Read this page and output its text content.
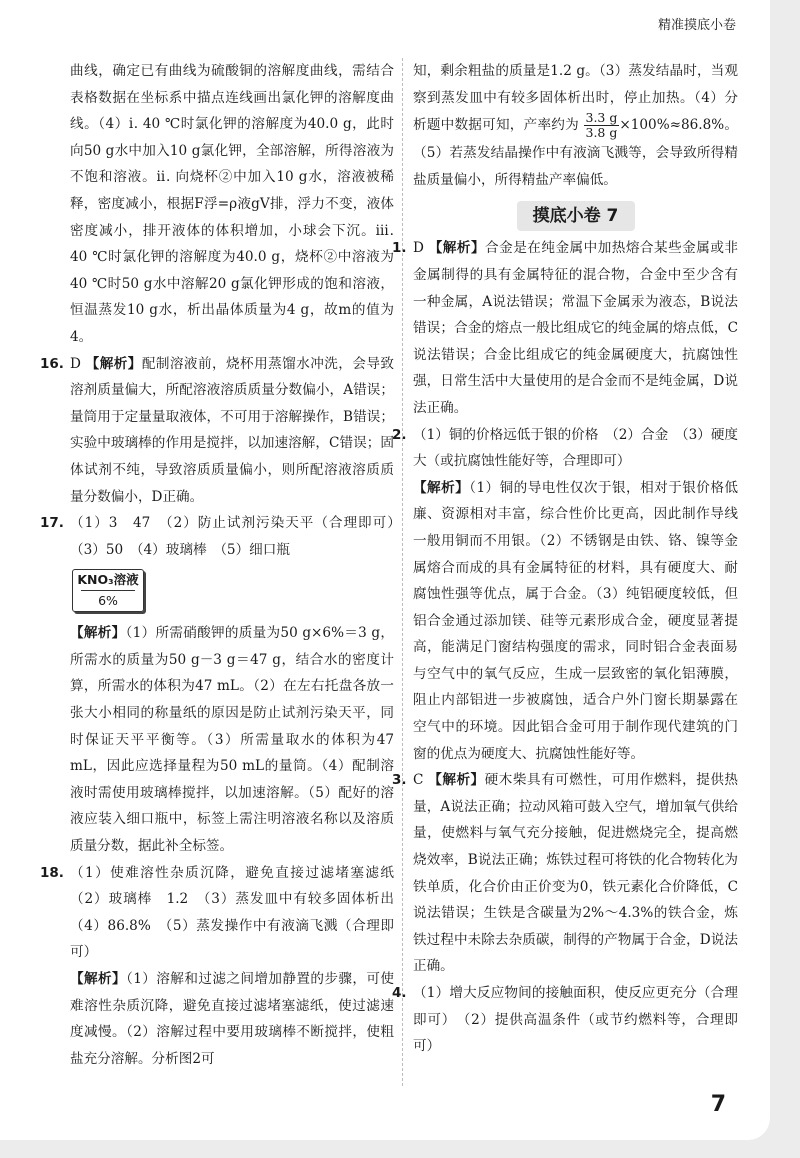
精准摸底小卷

曲线，确定已有曲线为硫酸铜的溶解度曲线，需结合表格数据在坐标系中描点连线画出氯化钾的溶解度曲线。（4）ⅰ. 40 ℃时氯化钾的溶解度为40.0 g，此时向50 g水中加入10 g氯化钾，全部溶解，所得溶液为不饱和溶液。ⅱ. 向烧杯②中加入10 g水，溶液被稀释，密度减小，根据F浮=ρ液gV排，浮力不变，液体密度减小，排开液体的体积增加，小球会下沉。ⅲ. 40 ℃时氯化钾的溶解度为40.0 g，烧杯②中溶液为40 ℃时50 g水中溶解20 g氯化钾形成的饱和溶液，恒温蒸发10 g水，析出晶体质量为4 g，故m的值为4。

16. D 【解析】配制溶液前，烧杯用蒸馏水冲洗，会导致溶剂质量偏大，所配溶液溶质质量分数偏小，A错误；量筒用于定量量取液体，不可用于溶解操作，B错误；实验中玻璃棒的作用是搅拌，以加速溶解，C错误；固体试剂不纯，导致溶质质量偏小，则所配溶液溶质质量分数偏小，D正确。

17. （1）3　47　（2）防止试剂污染天平（合理即可）　（3）50　（4）玻璃棒　（5）细口瓶
KNO₃溶液
6%
【解析】（1）所需硝酸钾的质量为50 g×6%＝3 g，所需水的质量为50 g－3 g＝47 g，结合水的密度计算，所需水的体积为47 mL。（2）在左右托盘各放一张大小相同的称量纸的原因是防止试剂污染天平，同时保证天平平衡等。（3）所需量取水的体积为47 mL，因此应选择量程为50 mL的量筒。（4）配制溶液时需使用玻璃棒搅拌，以加速溶解。（5）配好的溶液应装入细口瓶中，标签上需注明溶液名称以及溶质质量分数，据此补全标签。
18. （1）使难溶性杂质沉降，避免直接过滤堵塞滤纸　（2）玻璃棒　1.2　（3）蒸发皿中有较多固体析出　（4）86.8%　（5）蒸发操作中有液滴飞溅（合理即可）
【解析】（1）溶解和过滤之间增加静置的步骤，可使难溶性杂质沉降，避免直接过滤堵塞滤纸，使过滤速度减慢。（2）溶解过程中要用玻璃棒不断搅拌，使粗盐充分溶解。分析图2可

知，剩余粗盐的质量是1.2 g。（3）蒸发结晶时，当观察到蒸发皿中有较多固体析出时，停止加热。（4）分析题中数据可知，产率约为 $\frac{3.3 g}{3.8 g} \times 100\%\approx 86.8\%$。（5）若蒸发结晶操作中有液滴飞溅等，会导致所得精盐质量偏小，所得精盐产率偏低。

摸底小卷 7

1. D 【解析】合金是在纯金属中加热熔合某些金属或非金属制得的具有金属特征的混合物，合金中至少含有一种金属，A说法错误；常温下金属汞为液态，B说法错误；合金的熔点一般比组成它的纯金属的熔点低，C说法错误；合金比组成它的纯金属硬度大，抗腐蚀性强，日常生活中大量使用的是合金而不是纯金属，D说法正确。

2. （1）铜的价格远低于银的价格　（2）合金　（3）硬度大（或抗腐蚀性能好等，合理即可）
【解析】（1）铜的导电性仅次于银，相对于银价格低廉、资源相对丰富，综合性价比更高，因此制作导线一般用铜而不用银。（2）不锈钢是由铁、铬、镍等金属熔合而成的具有金属特征的材料，具有硬度大、耐腐蚀性强等优点，属于合金。（3）纯铝硬度较低，但铝合金通过添加镁、硅等元素形成合金，硬度显著提高，能满足门窗结构强度的需求，同时铝合金表面易与空气中的氧气反应，生成一层致密的氧化铝薄膜，阻止内部铝进一步被腐蚀，适合户外门窗长期暴露在空气中的环境。因此铝合金可用于制作现代建筑的门窗的优点为硬度大、抗腐蚀性能好等。

3. C 【解析】硬木柴具有可燃性，可用作燃料，提供热量，A说法正确；拉动风箱可鼓入空气，增加氧气供给量，使燃料与氧气充分接触，促进燃烧完全，提高燃烧效率，B说法正确；炼铁过程可将铁的化合物转化为铁单质，化合价由正价变为0，铁元素化合价降低，C说法错误；生铁是含碳量为2%～4.3%的铁合金，炼铁过程中未除去杂质碳，制得的产物属于合金，D说法正确。

4. （1）增大反应物间的接触面积，使反应更充分（合理即可）　（2）提供高温条件（或节约燃料等，合理即可）

7
